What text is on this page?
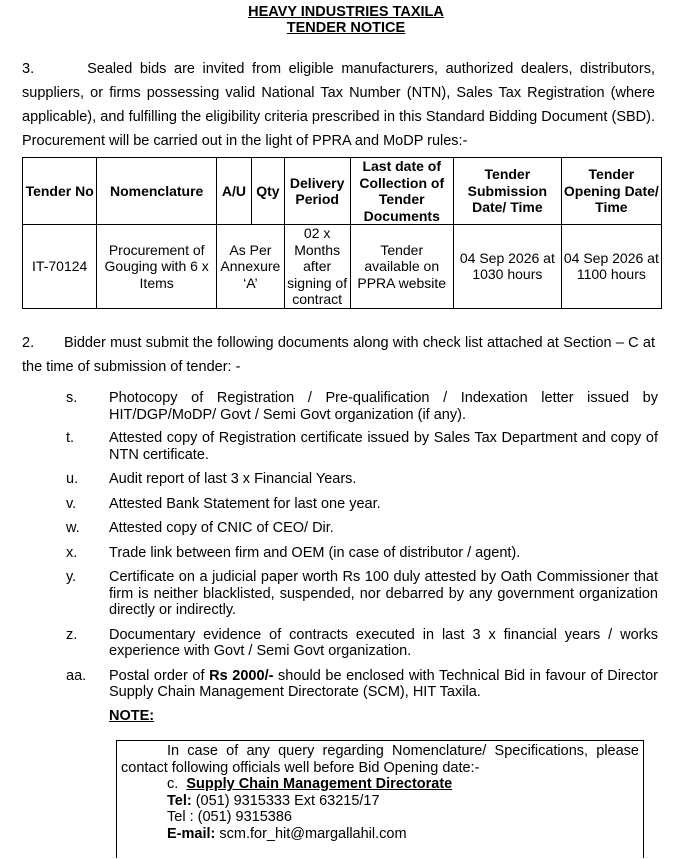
HEAVY INDUSTRIES TAXILA
TENDER NOTICE
3.	Sealed bids are invited from eligible manufacturers, authorized dealers, distributors, suppliers, or firms possessing valid National Tax Number (NTN), Sales Tax Registration (where applicable), and fulfilling the eligibility criteria prescribed in this Standard Bidding Document (SBD). Procurement will be carried out in the light of PPRA and MoDP rules:-
Tender No	Nomenclature	A/U	Qty	Delivery Period	Last date of Collection of Tender Documents	Tender Submission Date/ Time	Tender Opening Date/ Time
IT-70124	Procurement of Gouging with 6 x Items	As Per Annexure ‘A’		02 x Months after signing of contract	Tender available on PPRA website	04 Sep 2026 at 1030 hours	04 Sep 2026 at 1100 hours
2. Bidder must submit the following documents along with check list attached at Section – C at the time of submission of tender: -
s.	Photocopy of Registration / Pre-qualification / Indexation letter issued by HIT/DGP/MoDP/ Govt / Semi Govt organization (if any).
t.	Attested copy of Registration certificate issued by Sales Tax Department and copy of NTN certificate.
u.	Audit report of last 3 x Financial Years.
v.	Attested Bank Statement for last one year.
w.	Attested copy of CNIC of CEO/ Dir.
x.	Trade link between firm and OEM (in case of distributor / agent).
y.	Certificate on a judicial paper worth Rs 100 duly attested by Oath Commissioner that firm is neither blacklisted, suspended, nor debarred by any government organization directly or indirectly.
z.	Documentary evidence of contracts executed in last 3 x financial years / works experience with Govt / Semi Govt organization.
aa.	Postal order of Rs 2000/- should be enclosed with Technical Bid in favour of Director Supply Chain Management Directorate (SCM), HIT Taxila.
NOTE:
In case of any query regarding Nomenclature/ Specifications, please contact following officials well before Bid Opening date:-
c. Supply Chain Management Directorate
Tel: (051) 9315333 Ext 63215/17
Tel : (051) 9315386
E-mail: scm.for_hit@margallahil.com
